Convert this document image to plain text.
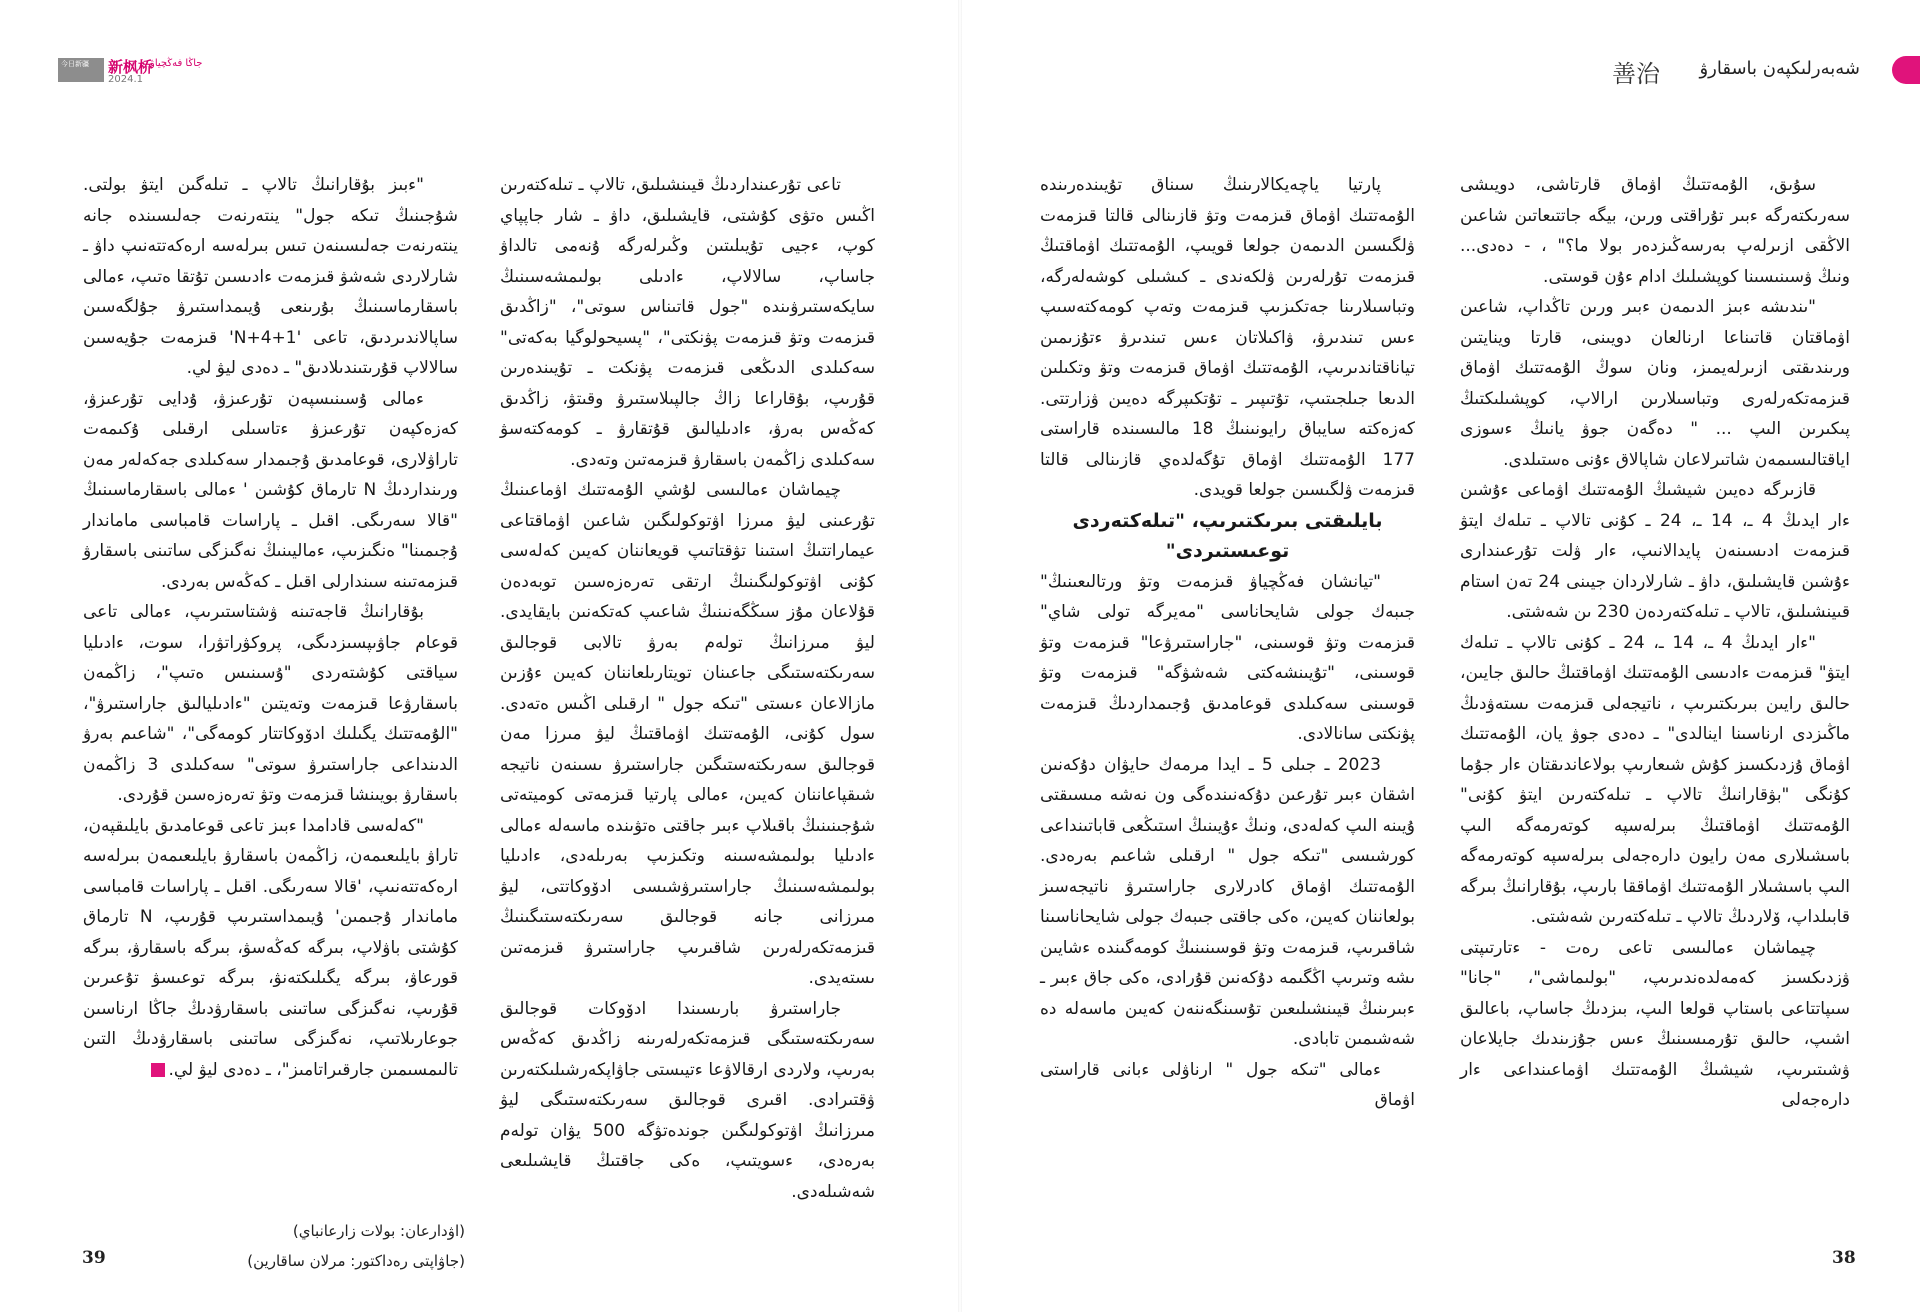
今日新疆	新枫桥
جاڭا فەڭچياۋ
2024.1

"ءبىز بۇقارانىڭ تالاپ ـ تىلەگىن ايتۋ بولتى. شۇجىنىڭ تىكە جول" ينتەرنەت جەلىسىندە جانە ينتەرنەت جەلىسىنەن تىس بىرلەسە ارەكەتتەنىپ داۋ ـ شارلاردى شەشۋ قىزمەت ءادىسىن تۇتقا ەتىپ، ءمالى باسقارماسىنىڭ بۇرىنعى ۇيىمداستىرۋ جۇلگەسىن ساپالاندىردىق، تاعى 'N+4+1' قىزمەت جۇيەسىن سالالاپ قۇرىتىندىلادىق" ـ دەدى ليۋ لي.

ءمالى ۇسىنىسپەن تۇرعىزۋ، ۇدايى تۇرعىزۋ، كەزەكپەن تۇرعىزۋ ءتاسىلى ارقىلى ۇكىمەت تاراۋلارى، قوعامدىق ۇجىمدار سەكىلدى جەكەلەر مەن ورىنداردىڭ N تارماق كۇشىن ' ءمالى باسقارماسىنىڭ "قالا سەرىگى. اقىل ـ پاراسات قامباسى ماماندار ۇجىمىنا" ەنگىزىپ، ءماليىنىڭ نەگىزگى ساتىنى باسقارۋ قىزمەتىنە سىندارلى اقىل ـ كەڭەس بەردى.

بۇقارانىڭ قاجەتىنە ۋشتاستىرىپ، ءمالى تاعى قوعام جاۋىپسىزدىگى، پروكۋراتۋرا، سوت، ءادىليا سياقتى كۇشتەردى "ۇسىنىس ەتىپ"، زاڭمەن باسقارۋعا قىزمەت وتەيتىن "ءادىليالىق جاراستىرۋ"، "الۇمەتتىك يگىلىك ادۆوكاتتار كومەگى"، "شاعىم بەرۋ الدىنداعى جاراستىرۋ سوتى" سەكىلدى 3 زاڭمەن باسقارۋ بويىنشا قىزمەت وتۋ تەرەزەسىن قۇردى.

"كەلەسى قادامدا ءبىز تاعى قوعامدىق بايلىقپەن، تاراۋ بايلىعىمەن، زاڭمەن باسقارۋ بايلىعىمەن بىرلەسە ارەكەتتەنىپ، 'قالا سەرىگى. اقىل ـ پاراسات قامباسى ماماندار ۇجىمىن' ۇيىمداستىرىپ قۇرىپ، N تارماق كۇشتى باۋلاپ، بىرگە كەڭەسۋ، بىرگە باسقارۋ، بىرگە قورعاۋ، بىرگە يگىلىكتەنۋ، بىرگە توعىسۋ تۇعىرىن قۇرىپ، نەگىزگى ساتىنى باسقارۋدىڭ جاڭا ارناسىن جوعارىلاتىپ، نەگىزگى ساتىنى باسقارۋدىڭ التىن تالىمسىمىن جارقىراتامىز"، ـ دەدى ليۋ لي.ل

تاعى تۇرعىنداردىڭ قيىنشىلىق، تالاپ ـ تىلەكتەرىن اڭىس ەتۋى كۇشتى، قايشىلىق، داۋ ـ شار جاپپاي كوپ، ءجيى تۇيىلىتىن وڭىرلەرگە ۇنەمى تالداۋ جاساپ، سالالاپ، ءادىلى بولىمشەسىنىڭ سايكەستىرۋىندە "جول قاتىناس سوتى"، "زاڭدىق قىزمەت وتۋ قىزمەت پۋنكتى"، "پسيحولوگيا بەكەتى" سەكىلدى الدىڭعى قىزمەت پۋنكت ـ تۇيىندەرىن قۇرىپ، بۇقاراعا زاڭ جالپىلاستىرۋ وقىتۋ، زاڭدىق كەڭەس بەرۋ، ءادىليالىق قۇتقارۋ ـ كومەكتەسۋ سەكىلدى زاڭمەن باسقارۋ قىزمەتىن وتەدى.

چيماشان ءمالىسى لۇشي الۇمەتتىك اۋماعىنىڭ تۇرعىنى ليۋ مىرزا اۋتوكولىگىن شاعىن اۋماقتاعى عيماراتتىڭ استىنا تۋقتاتىپ قويعاننان كەيىن كەلەسى كۇنى اۋتوكولىگىنىڭ ارتقى تەرەزەسىن توبەدەن قۇلاعان مۇز سىڭگەنىنىڭ شاعىپ كەتكەنىن بايقايدى. ليۋ مىرزانىڭ تولەم بەرۋ تالابى قوجالىق سەرىكتەستىگى جاعىنان تويتارىلعاننان كەيىن ءۇزىن مازالاعان ءىستى "تىكە جول " ارقىلى اڭىس ەتەدى. سول كۇنى، الۇمەتتىك اۋماقتىڭ ليۋ مىرزا مەن قوجالىق سەرىكتەستىگىن جاراستىرۋ ىسىنەن ناتيجە شىقپاعاننان كەيىن، ءمالى پارتيا قىزمەتى كوميتەتى شۇجىنىنىڭ باقىلاپ ءبىر جاقتى ەتۋىندە ماسەلە ءمالى ءادىليا بولىمشەسىنە وتكىزىپ بەرىلەدى، ءادىليا بولىمشەسىنىڭ جاراستىرۋشىسى ادۆوكاتتى، ليۋ مىرزانى جانە قوجالىق سەرىكتەستىگىنىڭ قىزمەتكەرلەرىن شاقىرىپ جاراستىرۋ قىزمەتىن ىستەيدى.

جاراستىرۋ بارىسىندا ادۆوكات قوجالىق سەرىكتەستىگى قىزمەتكەرلەرىنە زاڭدىق كەڭەس بەرىپ، ولاردى ارقالاۋعا ءتيىستى جاۋاپكەرشىلىكتەرىن ۋقتىرادى. اقىرى قوجالىق سەرىكتەستىگى ليۋ مىرزانىڭ اۋتوكولىگىن جوندەتۋگە 500 يۋان تولەم بەرەدى، ءسويتىپ، ەكى جاقتىڭ قايشىلىعى شەشىلەدى.

(اۋدارعان: بولات زارعانباي)
(جاۋاپتى رەداكتور: مرلان ساقارين)
39
善治 شەبەرلىكپەن باسقارۋ

پارتيا ياچەيكالارىنىڭ سىناق تۇيىندەرىندە الۇمەتتىك اۋماق قىزمەت وتۋ قازىنالى قالتا قىزمەت ۋلگىسىن الدىمەن جولعا قويىپ، الۇمەتتىك اۋماقتىڭ قىزمەت تۇرلەرىن ۋلكەندى ـ كىشىلى كوشەلەرگە، وتباسىلارىنا جەتكىزىپ قىزمەت وتەپ كومەكتەسىپ ءىس تىندىرۋ، ۋاكىلاتان ءىس تىندىرۋ ءتۇزىمىن تياناقتاندىرىپ، الۇمەتتىك اۋماق قىزمەت وتۋ وتكىلىن الدىعا جىلجىتىپ، تۇتىپىر ـ تۇتكىپرگە دەيىن ۋزارتتى. كەزەكتە سايباق رايونىنىڭ 18 مالىسىندە قاراستى 177 الۇمەتتىك اۋماق تۇگەلدەي قازىنالى قالتا قىزمەت ۋلگىسىن جولعا قويدى.

بايلىقتى بىرىكتىرىپ، "تىلەكتەردى توعىستىردى"

"تيانشان فەڭچياۋ قىزمەت وتۋ ورتالىعىنىڭ" جىبەك جولى شايحاناسى "مەيرگە تولى شاي" قىزمەت وتۋ قوسىنى، "جاراستىرۋعا" قىزمەت وتۋ قوسىنى، "تۇيىنشەكتى شەشۋگە" قىزمەت وتۋ قوسىنى سەكىلدى قوعامدىق ۇجىمداردىڭ قىزمەت پۋنكتى سانالادى.

2023 ـ جىلى 5 ـ ايدا مرمەك حايۋان دۇكەنىن اشقان ءبىر تۇرعىن دۇكەنىندەگى ون نەشە مىسىقتى ۇيىنە الىپ كەلەدى، ونىڭ ءۇيىنىڭ استىڭعى قاباتىنداعى كورشىسى "تىكە جول " ارقىلى شاعىم بەرەدى. الۇمەتتىك اۋماق كادرلارى جاراستىرۋ ناتيجەسىز بولعاننان كەيىن، ەكى جاقتى جىبەك جولى شايحاناسىنا شاقىرىپ، قىزمەت وتۋ قوسىنىنىڭ كومەگىندە ءشايىن ىشە وتىرىپ اڭگىمە دۇكەنىن قۇرادى، ەكى جاق ءبىر ـ ءبىرىنىڭ قيىنشىلىعىن تۇسىنگەننەن كەيىن ماسەلە دە شەشىمىن تابادى.

ءمالى "تىكە جول " ارناۋلى ءبانى قاراستى اۋماق

سۇىق، الۇمەتتىڭ اۋماق قارتاشى، دويىشى سەرىكتەرگە ءبىر تۇراقتى ورىن، بيگە جاتتىعاتىن شاعىن الاڭقى ازىرلەپ بەرسەڭىزدەر بولا ما؟" ، - دەدى... ونىڭ ۋسىنىسىنا كوپشىلىك ادام ءۇن قوستى.

"ىندىشە ءبىز الدىمەن ءبىر ورىن تاڭداپ، شاعىن اۋماقتان قاتىناعا ارنالعان دويىنى، قارتا وينايتىن ورىندىقتى ازىرلەيمىز، ونان سوڭ الۇمەتتىك اۋماق قىزمەتكەرلەرى وتباسىلارىن ارالاپ، كوپشىلىكتىڭ پىكىرىن الىپ ... " دەگەن جوۋ يانىڭ ءسوزى اياقتالىسىمەن شاتىرلاعان شاپالاق ءۇنى ەستىلدى.

قازىرگە دەيىن شيشىڭ الۇمەتتىك اۋماعى ءۇشىن ءار ايدىڭ 4 ـ، 14 ـ، 24 ـ كۇنى تالاپ ـ تىلەك ايتۋ قىزمەت ادىسىنەن پايدالانىپ، ءار ۋلت تۇرعىندارى ءۇشىن قايشىلىق، داۋ ـ شارلاردان جيىنى 24 تەن استام قىينشىلىق، تالاپ ـ تىلەكتەردەن 230 ىن شەشتى.

"ءار ايدىڭ 4 ـ، 14 ـ، 24 ـ كۇنى تالاپ ـ تىلەك ايتۋ" قىزمەت ءادىسى الۇمەتتىك اۋماقتىڭ حالىق جايىن، حالىق رايىن بىرىكتىرىپ ، ناتيجەلى قىزمەت ىستەۋدىڭ ماڭىزدى ارناسىنا اينالدى" ـ دەدى جوۋ يان، الۇمەتتىك اۋماق ۇزدىكسىز كۇش شىعارىپ بولاعاندىقتان ءار جۇما كۇنگى "بۋقارانىڭ تالاپ ـ تىلەكتەرىن ايتۋ كۇنى" الۇمەتتىك اۋماقتىڭ بىرلەسپە كوتەرمەگە الىپ باسشىلارى مەن رايون دارەجەلى بىرلەسپە كوتەرمەگە الىپ باسشىلار الۇمەتتىك اۋماققا بارىپ، بۇقارانىڭ بىرگە قابىلداپ، ۆلاردىڭ تالاپ ـ تىلەكتەرىن شەشتى.

چيماشان ءمالىسى تاعى رەت - ءتارتىپتى ۋزدىكسىز كەمەلدەندىرىپ، "بولىماشى"، "جانا" سىپاتتاعى باستاپ قولعا الىپ، بىزدىڭ جاساپ، باعالىق اشىپ، حالىق تۇرمىسىنىڭ ءىس جۇزىندىك جايلاعان ۋشىتىرىپ، شيشىڭ الۇمەتتىك اۋماعىنداعى ءار دارەجەلى

38
